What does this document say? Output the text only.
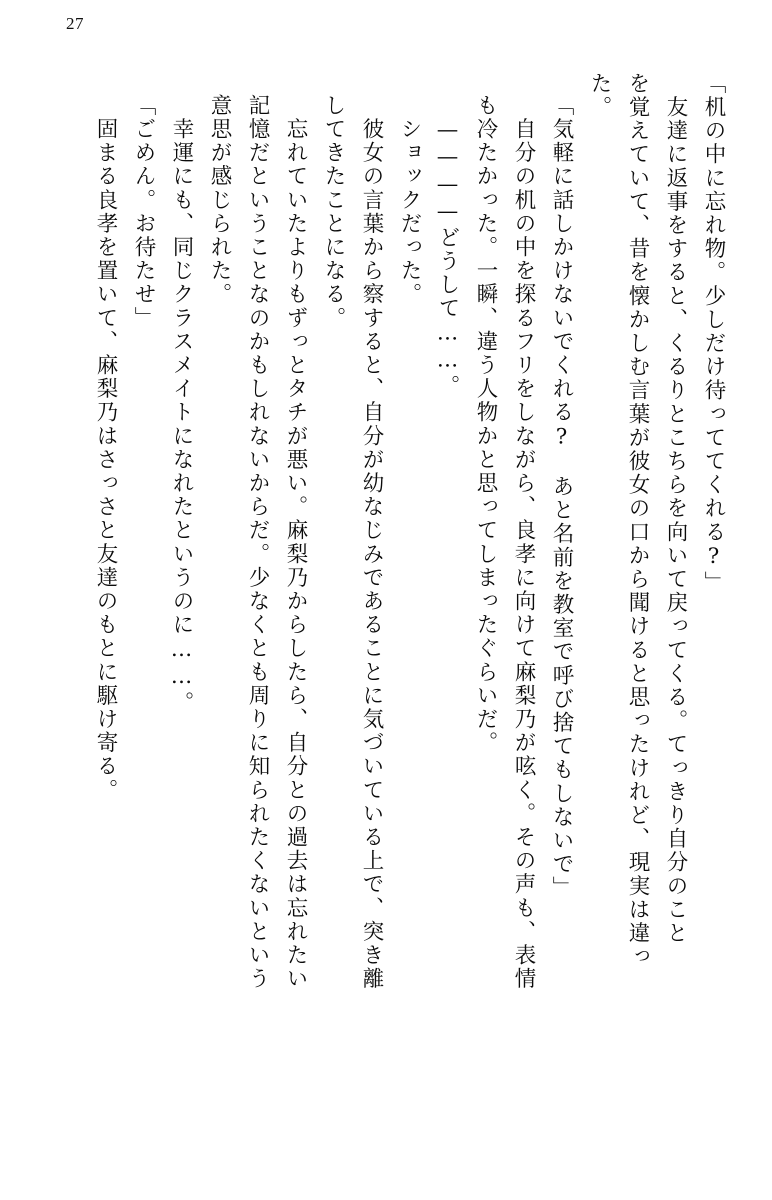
27
「机の中に忘れ物。少しだけ待っててくれる?」
　友達に返事をすると、くるりとこちらを向いて戻ってくる。てっきり自分のこと
を覚えていて、昔を懐かしむ言葉が彼女の口から聞けると思ったけれど、現実は違っ
た。
「気軽に話しかけないでくれる?　あと名前を教室で呼び捨てもしないで」
　自分の机の中を探るフリをしながら、良孝に向けて麻梨乃が呟く。その声も、表情
も冷たかった。一瞬、違う人物かと思ってしまったぐらいだ。
　————どうして……。
　ショックだった。
　彼女の言葉から察すると、自分が幼なじみであることに気づいている上で、突き離
してきたことになる。
　忘れていたよりもずっとタチが悪い。麻梨乃からしたら、自分との過去は忘れたい
記憶だということなのかもしれないからだ。少なくとも周りに知られたくないという
意思が感じられた。
　幸運にも、同じクラスメイトになれたというのに……。
「ごめん。お待たせ」
　固まる良孝を置いて、麻梨乃はさっさと友達のもとに駆け寄る。
